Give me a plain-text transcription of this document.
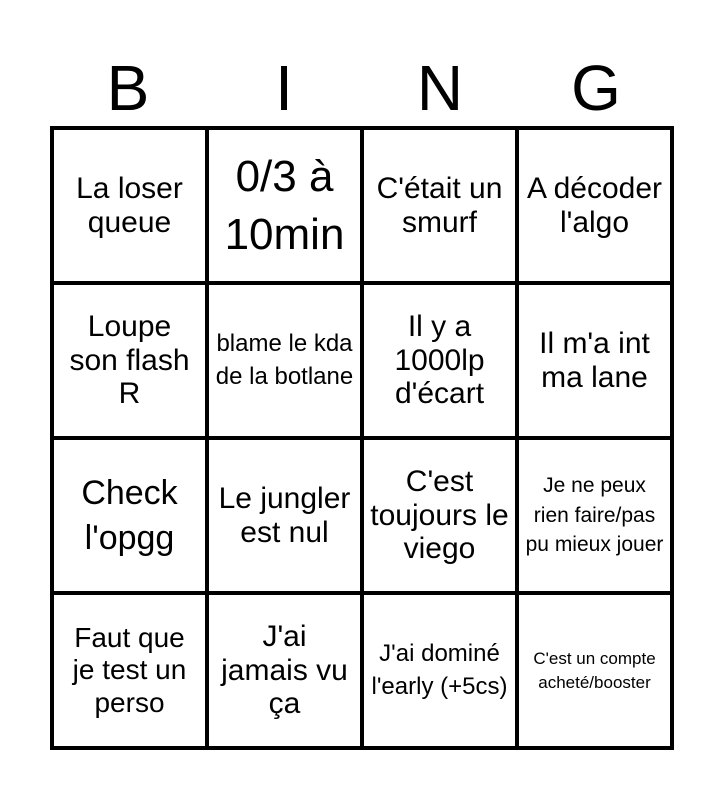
B	I	N	G
La loser queue
0/3 à 10min
C'était un smurf
A décoder l'algo
Loupe son flash R
blame le kda de la botlane
Il y a 1000lp d'écart
Il m'a int ma lane
Check l'opgg
Le jungler est nul
C'est toujours le viego
Je ne peux rien faire/pas pu mieux jouer
Faut que je test un perso
J'ai jamais vu ça
J'ai dominé l'early (+5cs)
C'est un compte acheté/booster
